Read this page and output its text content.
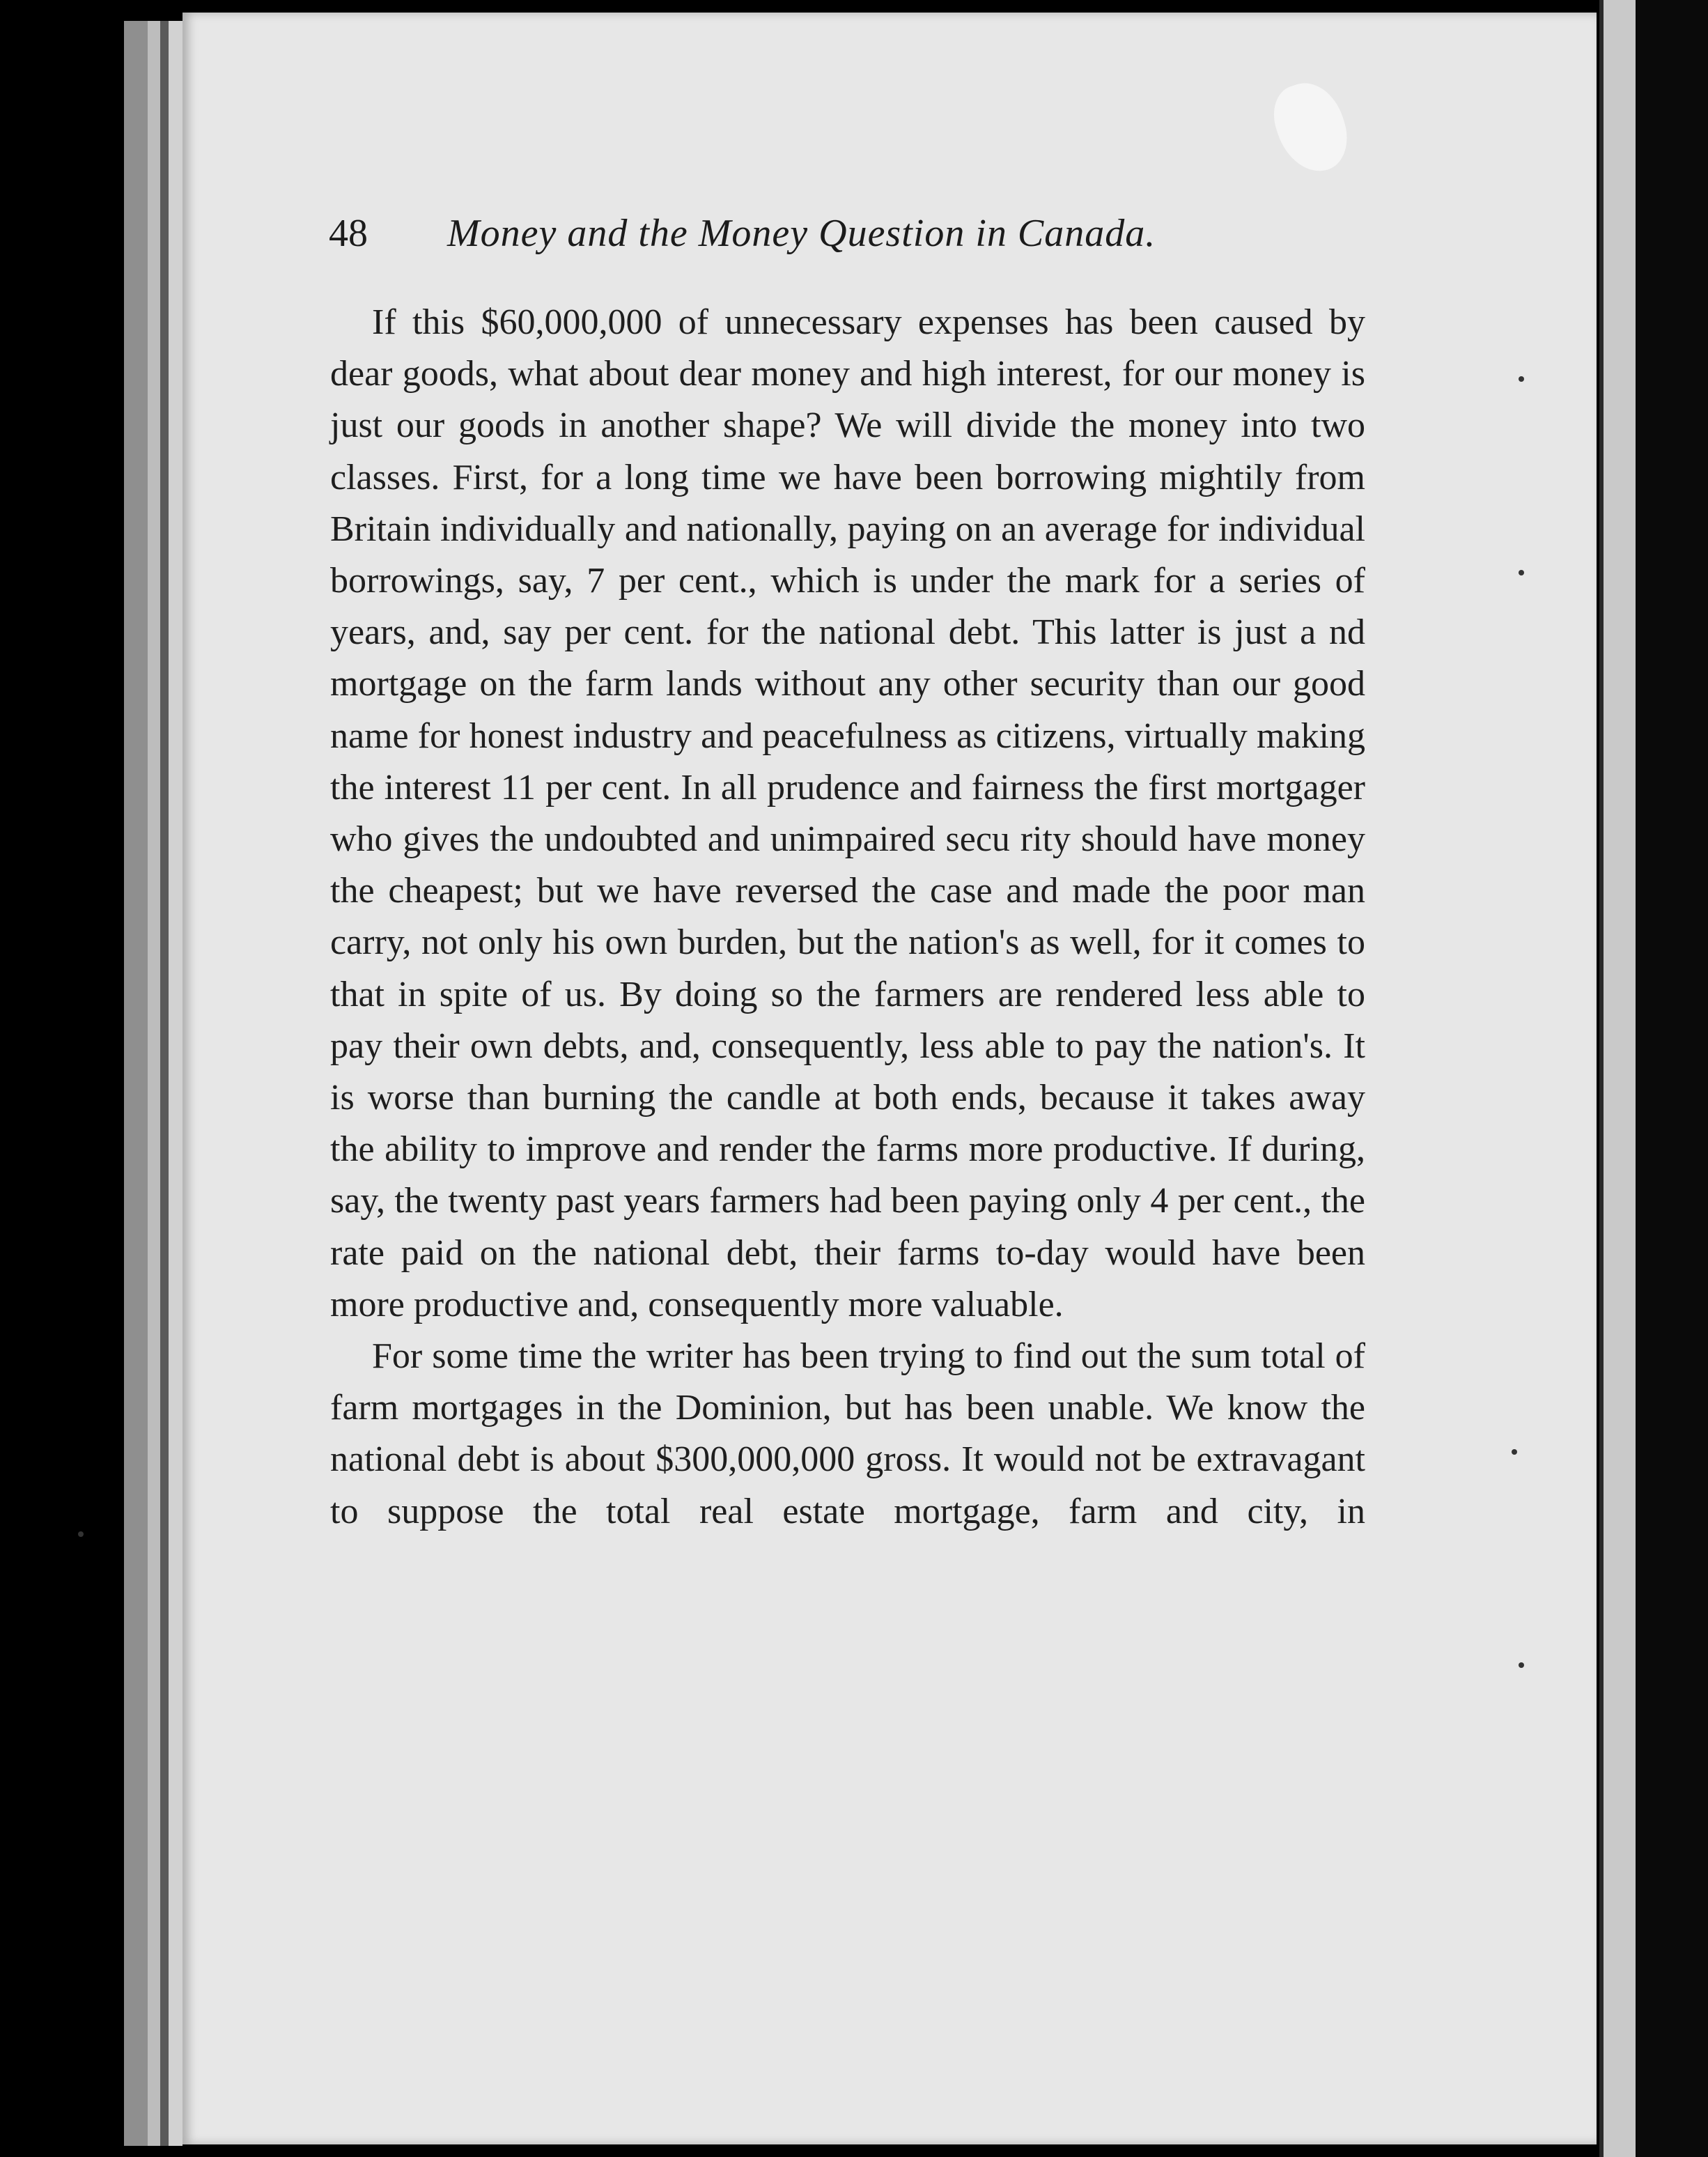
48 Money and the Money Question in Canada.

If this $60,000,000 of unnecessary expenses has been caused by dear goods, what about dear money and high interest, for our money is just our goods in another shape? We will divide the money into two classes. First, for a long time we have been borrowing mightily from Britain individually and nationally, paying on an average for individual borrowings, say, 7 per cent., which is under the mark for a series of years, and, say per cent. for the national debt. This latter is just a nd mortgage on the farm lands without any other security than our good name for honest industry and peacefulness as citizens, virtually making the interest 11 per cent. In all prudence and fairness the first mortgager who gives the undoubted and unimpaired secu rity should have money the cheapest; but we have reversed the case and made the poor man carry, not only his own burden, but the nation's as well, for it comes to that in spite of us. By doing so the farmers are rendered less able to pay their own debts, and, consequently, less able to pay the nation's. It is worse than burning the candle at both ends, because it takes away the ability to improve and render the farms more productive. If during, say, the twenty past years farmers had been paying only 4 per cent., the rate paid on the national debt, their farms to-day would have been more productive and, consequently more valuable.

For some time the writer has been trying to find out the sum total of farm mortgages in the Dominion, but has been unable. We know the national debt is about $300,000,000 gross. It would not be extravagant to suppose the total real estate mortgage, farm and city, in
